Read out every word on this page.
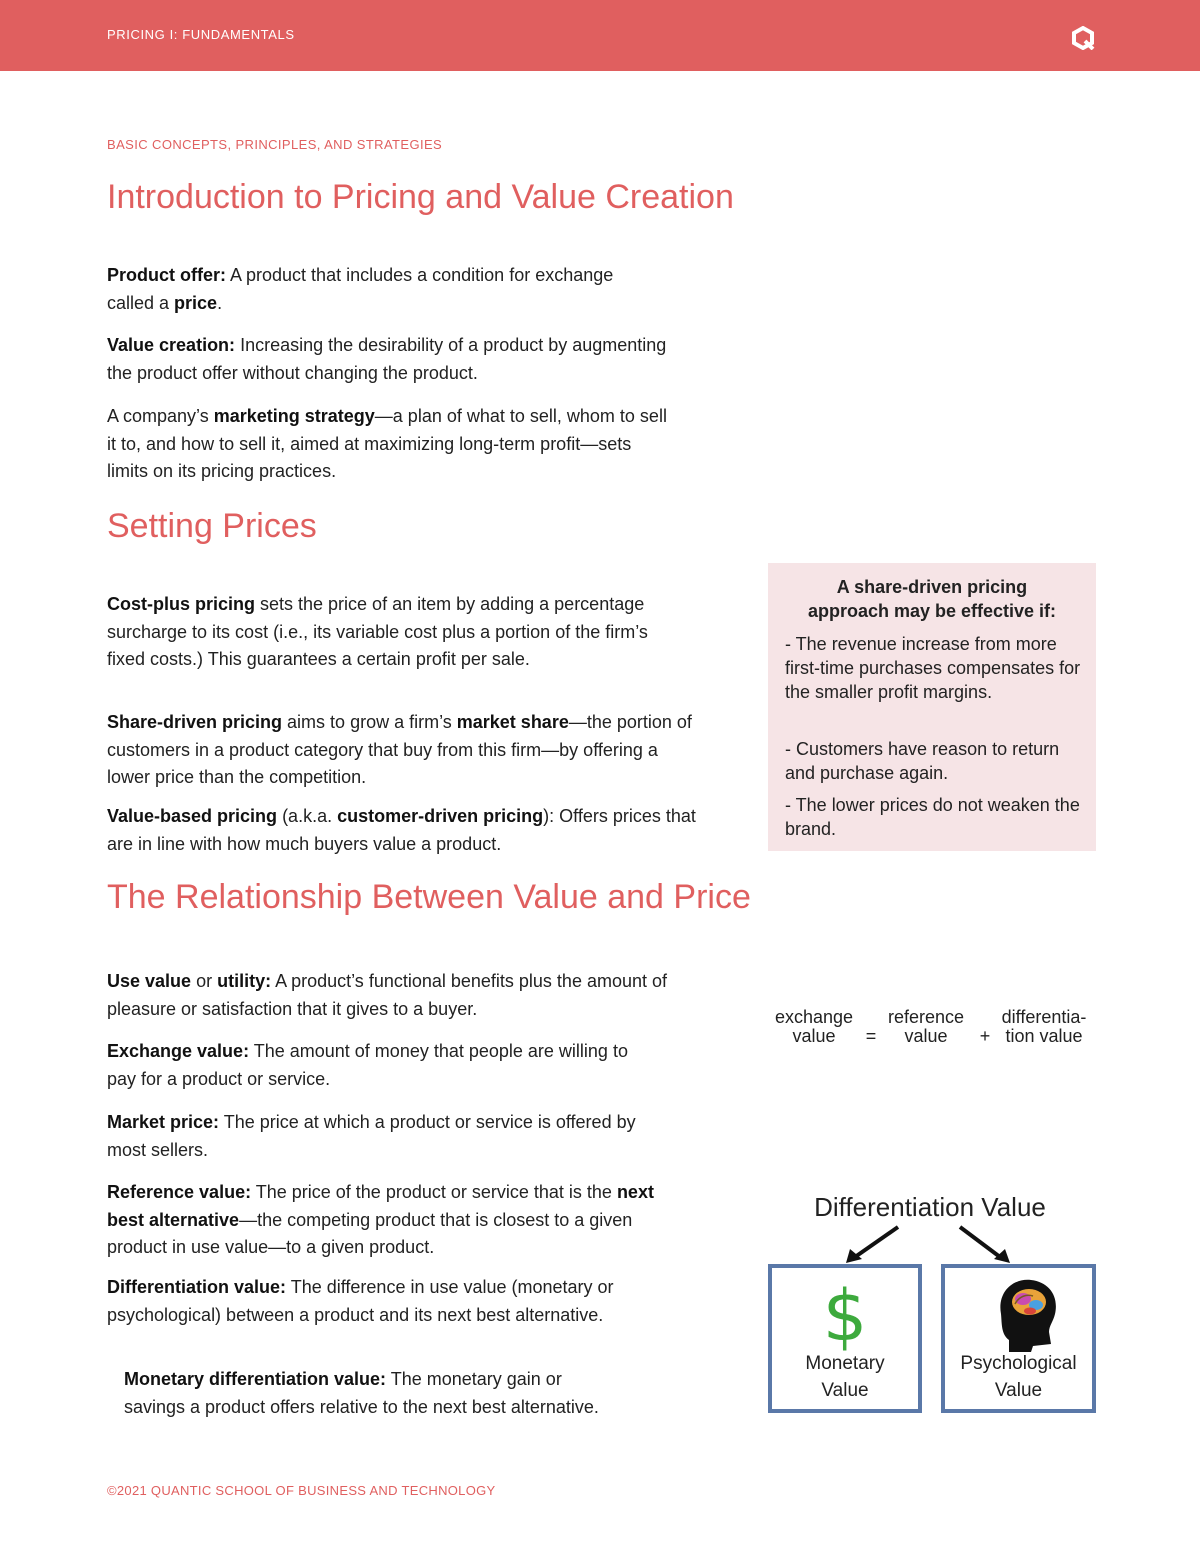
PRICING I: FUNDAMENTALS
BASIC CONCEPTS, PRINCIPLES, AND STRATEGIES
Introduction to Pricing and Value Creation

Product offer: A product that includes a condition for exchange called a price.

Value creation: Increasing the desirability of a product by augmenting the product offer without changing the product.

A company’s marketing strategy—a plan of what to sell, whom to sell it to, and how to sell it, aimed at maximizing long-term profit—sets limits on its pricing practices.

Setting Prices

Cost-plus pricing sets the price of an item by adding a percentage surcharge to its cost (i.e., its variable cost plus a portion of the firm’s fixed costs.) This guarantees a certain profit per sale.

Share-driven pricing aims to grow a firm’s market share—the portion of customers in a product category that buy from this firm—by offering a lower price than the competition.

Value-based pricing (a.k.a. customer-driven pricing): Offers prices that are in line with how much buyers value a product.

A share-driven pricing
approach may be effective if:
- The revenue increase from more first-time purchases compensates for the smaller profit margins.
- Customers have reason to return and purchase again.
- The lower prices do not weaken the brand.
The Relationship Between Value and Price

Use value or utility: A product’s functional benefits plus the amount of pleasure or satisfaction that it gives to a buyer.

Exchange value: The amount of money that people are willing to pay for a product or service.

Market price: The price at which a product or service is offered by most sellers.

Reference value: The price of the product or service that is the next best alternative—the competing product that is closest to a given product in use value—to a given product.

Differentiation value: The difference in use value (monetary or psychological) between a product and its next best alternative.

Monetary differentiation value: The monetary gain or savings a product offers relative to the next best alternative.

exchange
value	=
reference
value	+
differentia-
tion value
Differentiation Value
$
Monetary
Value
Psychological
Value
©2021 QUANTIC SCHOOL OF BUSINESS AND TECHNOLOGY
